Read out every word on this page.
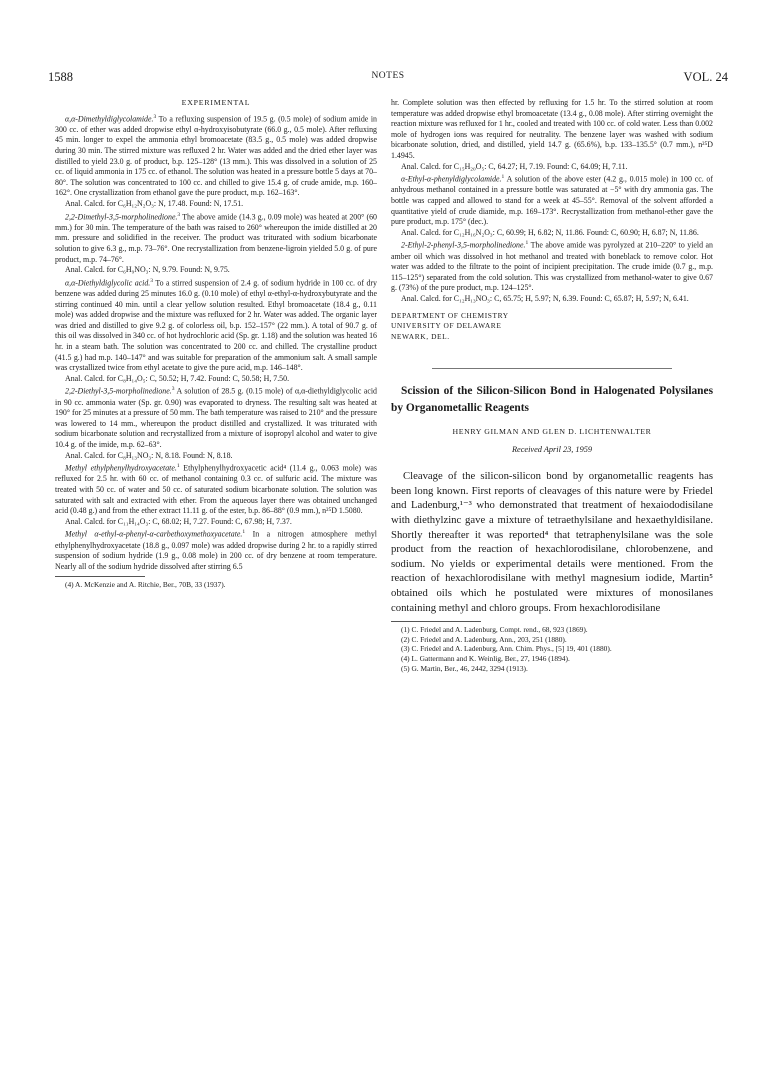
1588	NOTES	VOL. 24
EXPERIMENTAL

α,α-Dimethyldiglycolamide.$^3$ To a refluxing suspension of 19.5 g. (0.5 mole) of sodium amide in 300 cc. of ether was added dropwise ethyl α-hydroxyisobutyrate (66.0 g., 0.5 mole). After refluxing 45 min. longer to expel the ammonia ethyl bromoacetate (83.5 g., 0.5 mole) was added dropwise during 30 min. The stirred mixture was refluxed 2 hr. Water was added and the dried ether layer was distilled to yield 23.0 g. of product, b.p. 125–128° (13 mm.). This was dissolved in a solution of 25 cc. of liquid ammonia in 175 cc. of ethanol. The solution was heated in a pressure bottle 5 days at 70–80°. The solution was concentrated to 100 cc. and chilled to give 15.4 g. of crude amide, m.p. 160–162°. One crystallization from ethanol gave the pure product, m.p. 162–163°.

Anal. Calcd. for C₆H₁₂N₂O₃: N, 17.48. Found: N, 17.51.

2,2-Dimethyl-3,5-morpholinedione.$^3$ The above amide (14.3 g., 0.09 mole) was heated at 200° (60 mm.) for 30 min. The temperature of the bath was raised to 260° whereupon the imide distilled at 20 mm. pressure and solidified in the receiver. The product was triturated with sodium bicarbonate solution to give 6.3 g., m.p. 73–76°. One recrystallization from benzene-ligroin yielded 5.0 g. of pure product, m.p. 74–76°.

Anal. Calcd. for C₆H₉NO₃: N, 9.79. Found: N, 9.75.

α,α-Diethyldiglycolic acid.$^3$ To a stirred suspension of 2.4 g. of sodium hydride in 100 cc. of dry benzene was added during 25 minutes 16.0 g. (0.10 mole) of ethyl α-ethyl-α-hydroxybutyrate and the stirring continued 40 min. until a clear yellow solution resulted. Ethyl bromoacetate (18.4 g., 0.11 mole) was added dropwise and the mixture was refluxed for 2 hr. Water was added. The organic layer was dried and distilled to give 9.2 g. of colorless oil, b.p. 152–157° (22 mm.). A total of 90.7 g. of this oil was dissolved in 340 cc. of hot hydrochloric acid (Sp. gr. 1.18) and the solution was heated 16 hr. in a steam bath. The solution was concentrated to 200 cc. and chilled. The crystalline product (41.5 g.) had m.p. 140–147° and was suitable for preparation of the ammonium salt. A small sample was crystallized twice from ethyl acetate to give the pure acid, m.p. 146–148°.

Anal. Calcd. for C₈H₁₄O₅: C, 50.52; H, 7.42. Found: C, 50.58; H, 7.50.

2,2-Diethyl-3,5-morpholinedione.$^3$ A solution of 28.5 g. (0.15 mole) of α,α-diethyldiglycolic acid in 90 cc. ammonia water (Sp. gr. 0.90) was evaporated to dryness. The resulting salt was heated at 190° for 25 minutes at a pressure of 50 mm. The bath temperature was raised to 210° and the pressure was lowered to 14 mm., whereupon the product distilled and crystallized. It was triturated with sodium bicarbonate solution and recrystallized from a mixture of isopropyl alcohol and water to give 10.4 g. of the imide, m.p. 62–63°.

Anal. Calcd. for C₈H₁₃NO₃: N, 8.18. Found: N, 8.18.

Methyl ethylphenylhydroxyacetate.$^1$ Ethylphenylhydroxyacetic acid⁴ (11.4 g., 0.063 mole) was refluxed for 2.5 hr. with 60 cc. of methanol containing 0.3 cc. of sulfuric acid. The mixture was treated with 50 cc. of water and 50 cc. of saturated sodium bicarbonate solution. The solution was saturated with salt and extracted with ether. From the aqueous layer there was obtained unchanged acid (0.48 g.) and from the ether extract 11.11 g. of the ester, b.p. 86–88° (0.9 mm.), n²⁵D 1.5080.

Anal. Calcd. for C₁₁H₁₄O₃: C, 68.02; H, 7.27. Found: C, 67.98; H, 7.37.

Methyl α-ethyl-α-phenyl-α-carbethoxymethoxyacetate.$^1$ In a nitrogen atmosphere methyl ethylphenylhydroxyacetate (18.8 g., 0.097 mole) was added dropwise during 2 hr. to a rapidly stirred suspension of sodium hydride (1.9 g., 0.08 mole) in 200 cc. of dry benzene at room temperature. Nearly all of the sodium hydride dissolved after stirring 6.5

(4) A. McKenzie and A. Ritchie, Ber., 70B, 33 (1937).

hr. Complete solution was then effected by refluxing for 1.5 hr. To the stirred solution at room temperature was added dropwise ethyl bromoacetate (13.4 g., 0.08 mole). After stirring overnight the reaction mixture was refluxed for 1 hr., cooled and treated with 100 cc. of cold water. Less than 0.002 mole of hydrogen ions was required for neutrality. The benzene layer was washed with sodium bicarbonate solution, dried, and distilled, yield 14.7 g. (65.6%), b.p. 133–135.5° (0.7 mm.), n²⁵D 1.4945.

Anal. Calcd. for C₁₅H₂₀O₅: C, 64.27; H, 7.19. Found: C, 64.09; H, 7.11.

α-Ethyl-α-phenyldiglycolamide.$^1$ A solution of the above ester (4.2 g., 0.015 mole) in 100 cc. of anhydrous methanol contained in a pressure bottle was saturated at −5° with dry ammonia gas. The bottle was capped and allowed to stand for a week at 45–55°. Removal of the solvent afforded a quantitative yield of crude diamide, m.p. 169–173°. Recrystallization from methanol-ether gave the pure product, m.p. 175° (dec.).

Anal. Calcd. for C₁₂H₁₆N₂O₃: C, 60.99; H, 6.82; N, 11.86. Found: C, 60.90; H, 6.87; N, 11.86.

2-Ethyl-2-phenyl-3,5-morpholinedione.$^1$ The above amide was pyrolyzed at 210–220° to yield an amber oil which was dissolved in hot methanol and treated with boneblack to remove color. Hot water was added to the filtrate to the point of incipient precipitation. The crude imide (0.7 g., m.p. 115–125°) separated from the cold solution. This was crystallized from methanol-water to give 0.67 g. (73%) of the pure product, m.p. 124–125°.

Anal. Calcd. for C₁₂H₁₃NO₃: C, 65.75; H, 5.97; N, 6.39. Found: C, 65.87; H, 5.97; N, 6.41.

DEPARTMENT OF CHEMISTRY
UNIVERSITY OF DELAWARE
NEWARK, DEL.

Scission of the Silicon-Silicon Bond in Halogenated Polysilanes by Organometallic Reagents

HENRY GILMAN AND GLEN D. LICHTENWALTER
Received April 23, 1959

Cleavage of the silicon-silicon bond by organometallic reagents has been long known. First reports of cleavages of this nature were by Friedel and Ladenburg,¹⁻³ who demonstrated that treatment of hexaiododisilane with diethylzinc gave a mixture of tetraethylsilane and hexaethyldisilane. Shortly thereafter it was reported⁴ that tetraphenylsilane was the sole product from the reaction of hexachlorodisilane, chlorobenzene, and sodium. No yields or experimental details were mentioned. From the reaction of hexachlorodisilane with methyl magnesium iodide, Martin⁵ obtained oils which he postulated were mixtures of monosilanes containing methyl and chloro groups. From hexachlorodisilane

(1) C. Friedel and A. Ladenburg, Compt. rend., 68, 923 (1869).

(2) C. Friedel and A. Ladenburg, Ann., 203, 251 (1880).

(3) C. Friedel and A. Ladenburg, Ann. Chim. Phys., [5] 19, 401 (1880).

(4) L. Gattermann and K. Weinlig, Ber., 27, 1946 (1894).

(5) G. Martin, Ber., 46, 2442, 3294 (1913).
